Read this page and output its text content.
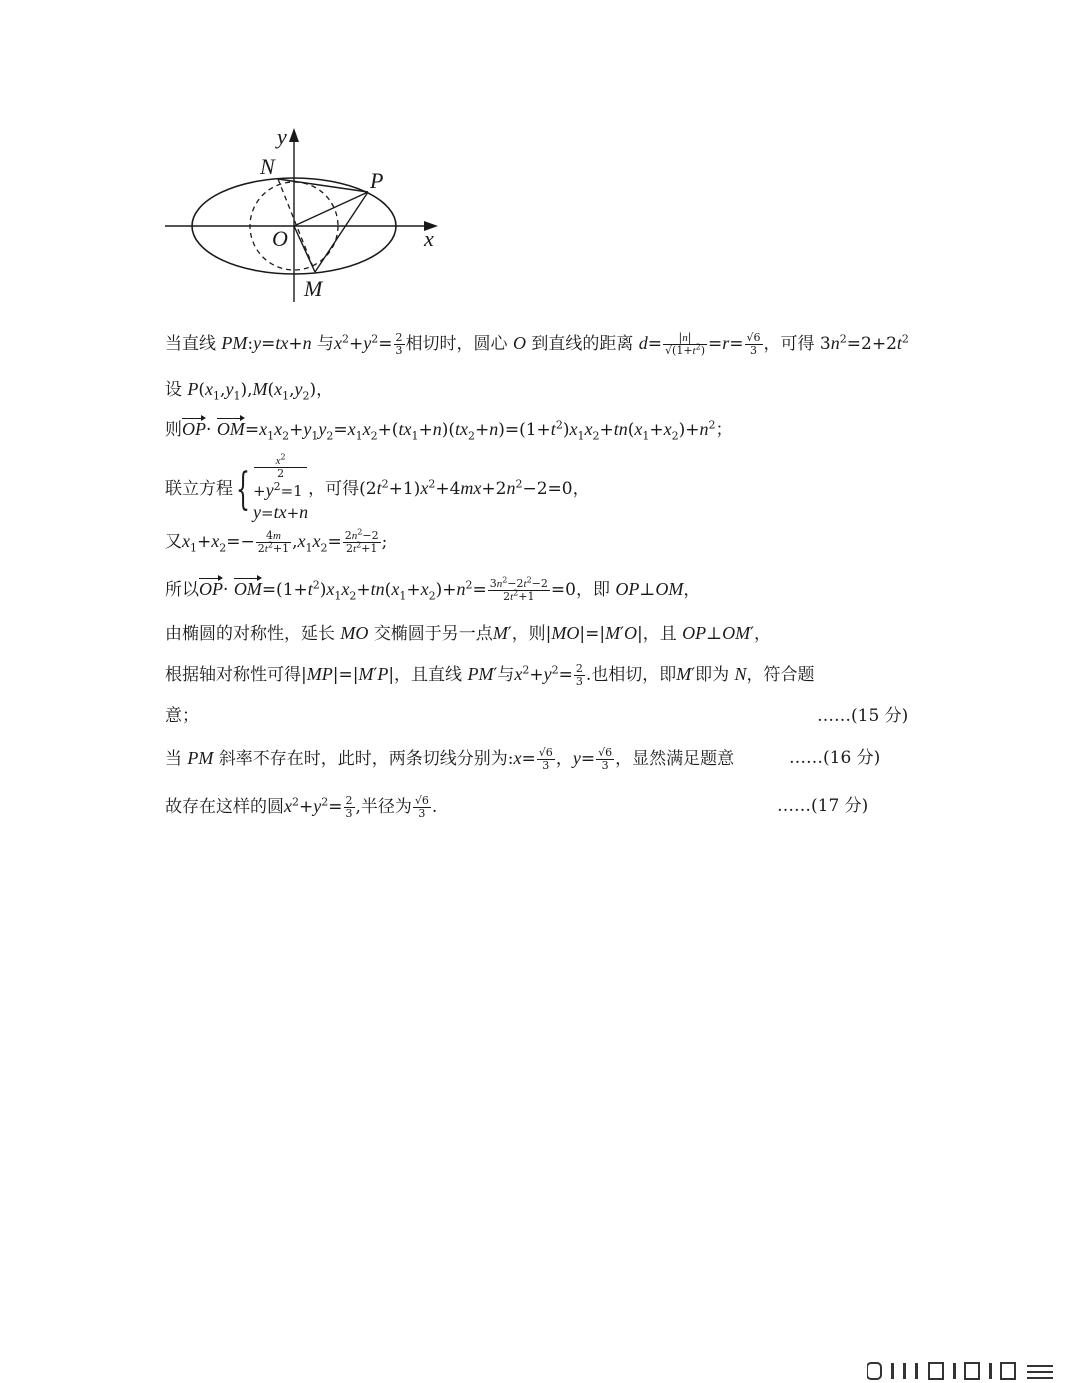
y
x
N
P
O
M
当直线 PM:y=tx+n 与$x^2+y^2= \frac{2}{3}$ 相切时，圆心 O 到直线的距离 $d= \frac{|n|}{√(1+t^2)} =r= \frac{√6}{3}$ ，可得 $3n^2=2+2t^2$
设 $P(x_1,y_1),M(x_1,y_2)$，
则$OP\cdot OM=x_1x_2+y_1y_2=x_1x_2+(tx_1+n)(tx_2+n)=(1+t^2)x_1x_2+tn(x_1+x_2)+n^2$；
联立方程{
$x^2$
2
$+y^2=1$
y=tx+n
，可得$(2t^2+1)x^2+4mx+2n^2-2=0$，
又$x_1+x_2=- \frac{4m}{2t^2+1} ,x_1x_2= \frac{2n^2-2}{2t^2+1}$ ;
所以$OP\cdot OM=(1+t^2)x_1x_2+tn(x_1+x_2)+n^2= \frac{3n^2-2t^2-2}{2t^2+1} =0$，即 OP⊥OM，
由椭圆的对称性，延长 MO 交椭圆于另一点M′，则|MO|=|M′O|，且 OP⊥OM′，
根据轴对称性可得|MP|=|M′P|，且直线 PM′与$x^2+y^2= \frac{2}{3}$ .也相切，即M′即为 N，符合题
意；	……(15 分)
当 PM 斜率不存在时，此时，两条切线分别为:x= $\frac{√6}{3}$ ，$y= \frac{√6}{3}$ ，显然满足题意	……(16 分)
故存在这样的圆$x^2+y^2= \frac{2}{3}$ ,半径为 $\frac{√6}{3}$ .	……(17 分)
